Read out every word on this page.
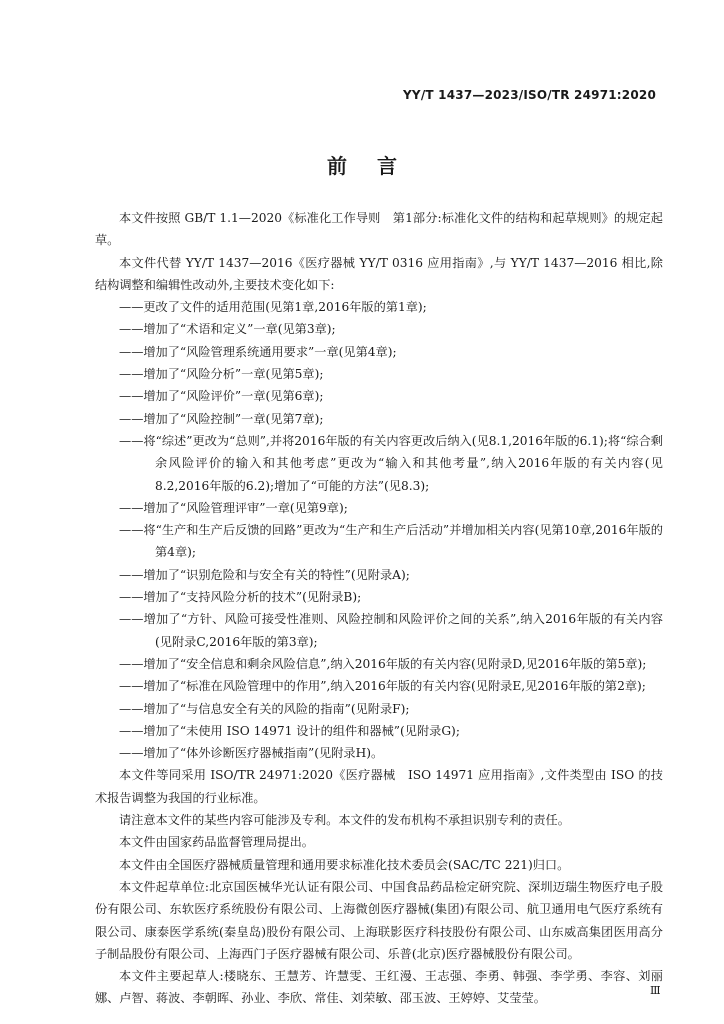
YY/T 1437—2023/ISO/TR 24971:2020
前言

本文件按照 GB/T 1.1—2020《标准化工作导则　第1部分:标准化文件的结构和起草规则》的规定起草。

本文件代替 YY/T 1437—2016《医疗器械 YY/T 0316 应用指南》,与 YY/T 1437—2016 相比,除结构调整和编辑性改动外,主要技术变化如下:

——更改了文件的适用范围(见第1章,2016年版的第1章);

——增加了“术语和定义”一章(见第3章);

——增加了“风险管理系统通用要求”一章(见第4章);

——增加了“风险分析”一章(见第5章);

——增加了“风险评价”一章(见第6章);

——增加了“风险控制”一章(见第7章);

——将“综述”更改为“总则”,并将2016年版的有关内容更改后纳入(见8.1,2016年版的6.1);将“综合剩余风险评价的输入和其他考虑”更改为“输入和其他考量”,纳入2016年版的有关内容(见8.2,2016年版的6.2);增加了“可能的方法”(见8.3);

——增加了“风险管理评审”一章(见第9章);

——将“生产和生产后反馈的回路”更改为“生产和生产后活动”并增加相关内容(见第10章,2016年版的第4章);

——增加了“识别危险和与安全有关的特性”(见附录A);

——增加了“支持风险分析的技术”(见附录B);

——增加了“方针、风险可接受性准则、风险控制和风险评价之间的关系”,纳入2016年版的有关内容(见附录C,2016年版的第3章);

——增加了“安全信息和剩余风险信息”,纳入2016年版的有关内容(见附录D,见2016年版的第5章);

——增加了“标准在风险管理中的作用”,纳入2016年版的有关内容(见附录E,见2016年版的第2章);

——增加了“与信息安全有关的风险的指南”(见附录F);

——增加了“未使用 ISO 14971 设计的组件和器械”(见附录G);

——增加了“体外诊断医疗器械指南”(见附录H)。

本文件等同采用 ISO/TR 24971:2020《医疗器械　ISO 14971 应用指南》,文件类型由 ISO 的技术报告调整为我国的行业标准。

请注意本文件的某些内容可能涉及专利。本文件的发布机构不承担识别专利的责任。

本文件由国家药品监督管理局提出。

本文件由全国医疗器械质量管理和通用要求标准化技术委员会(SAC/TC 221)归口。

本文件起草单位:北京国医械华光认证有限公司、中国食品药品检定研究院、深圳迈瑞生物医疗电子股份有限公司、东软医疗系统股份有限公司、上海微创医疗器械(集团)有限公司、航卫通用电气医疗系统有限公司、康泰医学系统(秦皇岛)股份有限公司、上海联影医疗科技股份有限公司、山东威高集团医用高分子制品股份有限公司、上海西门子医疗器械有限公司、乐普(北京)医疗器械股份有限公司。

本文件主要起草人:楼晓东、王慧芳、许慧雯、王红漫、王志强、李勇、韩强、李学勇、李容、刘丽娜、卢智、蒋波、李朝晖、孙业、李欣、常佳、刘荣敏、邵玉波、王婷婷、艾莹莹。

Ⅲ
